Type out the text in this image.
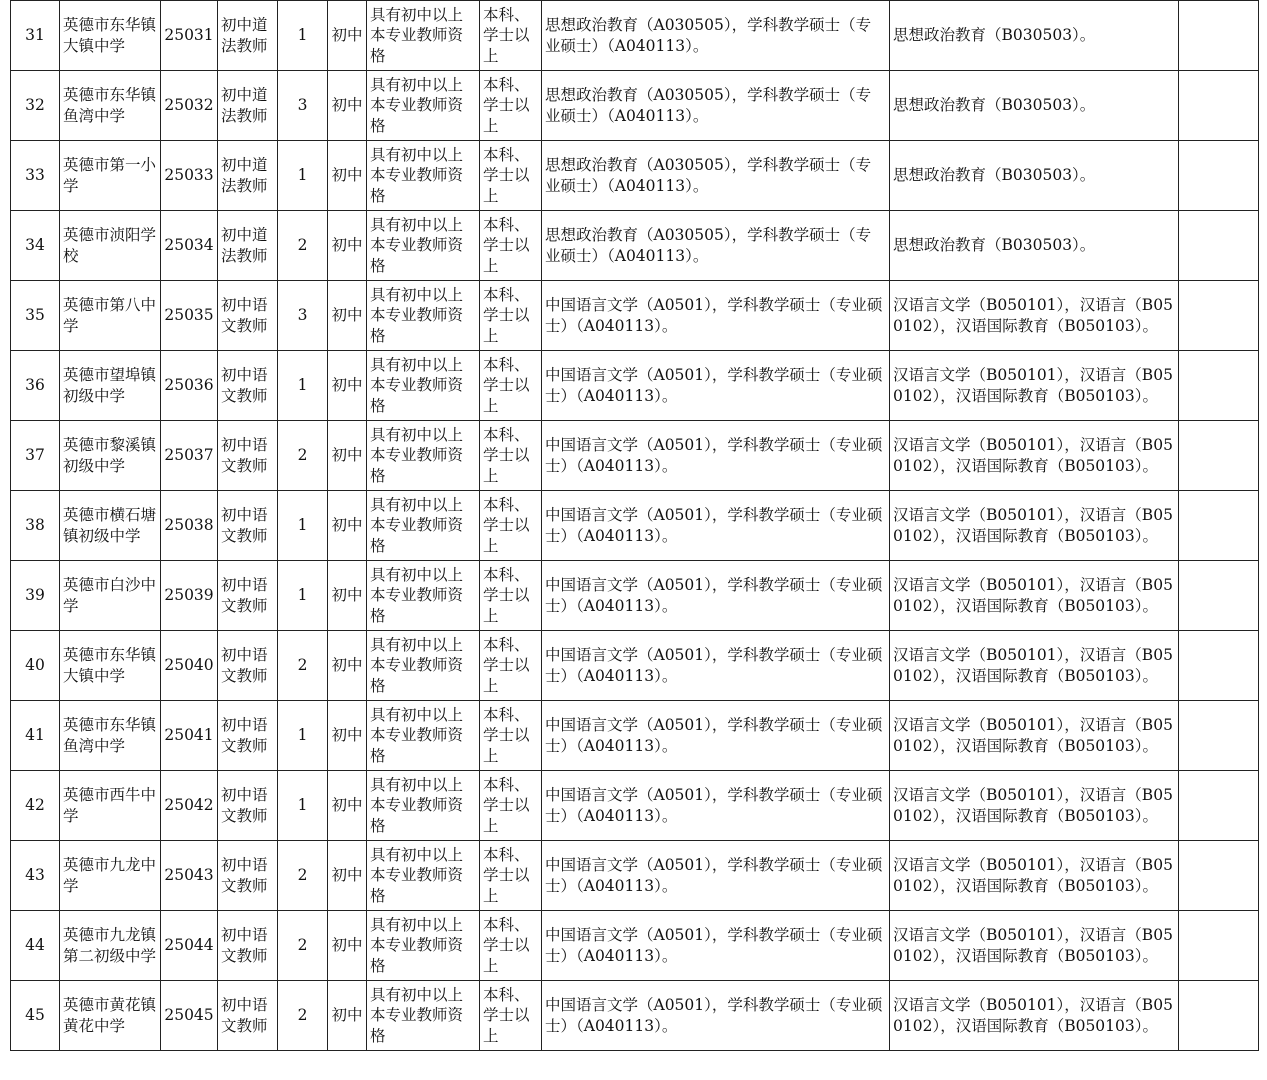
31	英德市东华镇大镇中学	25031	初中道法教师	1	初中	具有初中以上本专业教师资格	本科、学士以上	思想政治教育（A030505），学科教学硕士（专业硕士）（A040113）。	思想政治教育（B030503）。	
32	英德市东华镇鱼湾中学	25032	初中道法教师	3	初中	具有初中以上本专业教师资格	本科、学士以上	思想政治教育（A030505），学科教学硕士（专业硕士）（A040113）。	思想政治教育（B030503）。	
33	英德市第一小学	25033	初中道法教师	1	初中	具有初中以上本专业教师资格	本科、学士以上	思想政治教育（A030505），学科教学硕士（专业硕士）（A040113）。	思想政治教育（B030503）。	
34	英德市浈阳学校	25034	初中道法教师	2	初中	具有初中以上本专业教师资格	本科、学士以上	思想政治教育（A030505），学科教学硕士（专业硕士）（A040113）。	思想政治教育（B030503）。	
35	英德市第八中学	25035	初中语文教师	3	初中	具有初中以上本专业教师资格	本科、学士以上	中国语言文学（A0501），学科教学硕士（专业硕士）（A040113）。	汉语言文学（B050101），汉语言（B050102），汉语国际教育（B050103）。	
36	英德市望埠镇初级中学	25036	初中语文教师	1	初中	具有初中以上本专业教师资格	本科、学士以上	中国语言文学（A0501），学科教学硕士（专业硕士）（A040113）。	汉语言文学（B050101），汉语言（B050102），汉语国际教育（B050103）。	
37	英德市黎溪镇初级中学	25037	初中语文教师	2	初中	具有初中以上本专业教师资格	本科、学士以上	中国语言文学（A0501），学科教学硕士（专业硕士）（A040113）。	汉语言文学（B050101），汉语言（B050102），汉语国际教育（B050103）。	
38	英德市横石塘镇初级中学	25038	初中语文教师	1	初中	具有初中以上本专业教师资格	本科、学士以上	中国语言文学（A0501），学科教学硕士（专业硕士）（A040113）。	汉语言文学（B050101），汉语言（B050102），汉语国际教育（B050103）。	
39	英德市白沙中学	25039	初中语文教师	1	初中	具有初中以上本专业教师资格	本科、学士以上	中国语言文学（A0501），学科教学硕士（专业硕士）（A040113）。	汉语言文学（B050101），汉语言（B050102），汉语国际教育（B050103）。	
40	英德市东华镇大镇中学	25040	初中语文教师	2	初中	具有初中以上本专业教师资格	本科、学士以上	中国语言文学（A0501），学科教学硕士（专业硕士）（A040113）。	汉语言文学（B050101），汉语言（B050102），汉语国际教育（B050103）。	
41	英德市东华镇鱼湾中学	25041	初中语文教师	1	初中	具有初中以上本专业教师资格	本科、学士以上	中国语言文学（A0501），学科教学硕士（专业硕士）（A040113）。	汉语言文学（B050101），汉语言（B050102），汉语国际教育（B050103）。	
42	英德市西牛中学	25042	初中语文教师	1	初中	具有初中以上本专业教师资格	本科、学士以上	中国语言文学（A0501），学科教学硕士（专业硕士）（A040113）。	汉语言文学（B050101），汉语言（B050102），汉语国际教育（B050103）。	
43	英德市九龙中学	25043	初中语文教师	2	初中	具有初中以上本专业教师资格	本科、学士以上	中国语言文学（A0501），学科教学硕士（专业硕士）（A040113）。	汉语言文学（B050101），汉语言（B050102），汉语国际教育（B050103）。	
44	英德市九龙镇第二初级中学	25044	初中语文教师	2	初中	具有初中以上本专业教师资格	本科、学士以上	中国语言文学（A0501），学科教学硕士（专业硕士）（A040113）。	汉语言文学（B050101），汉语言（B050102），汉语国际教育（B050103）。	
45	英德市黄花镇黄花中学	25045	初中语文教师	2	初中	具有初中以上本专业教师资格	本科、学士以上	中国语言文学（A0501），学科教学硕士（专业硕士）（A040113）。	汉语言文学（B050101），汉语言（B050102），汉语国际教育（B050103）。	
